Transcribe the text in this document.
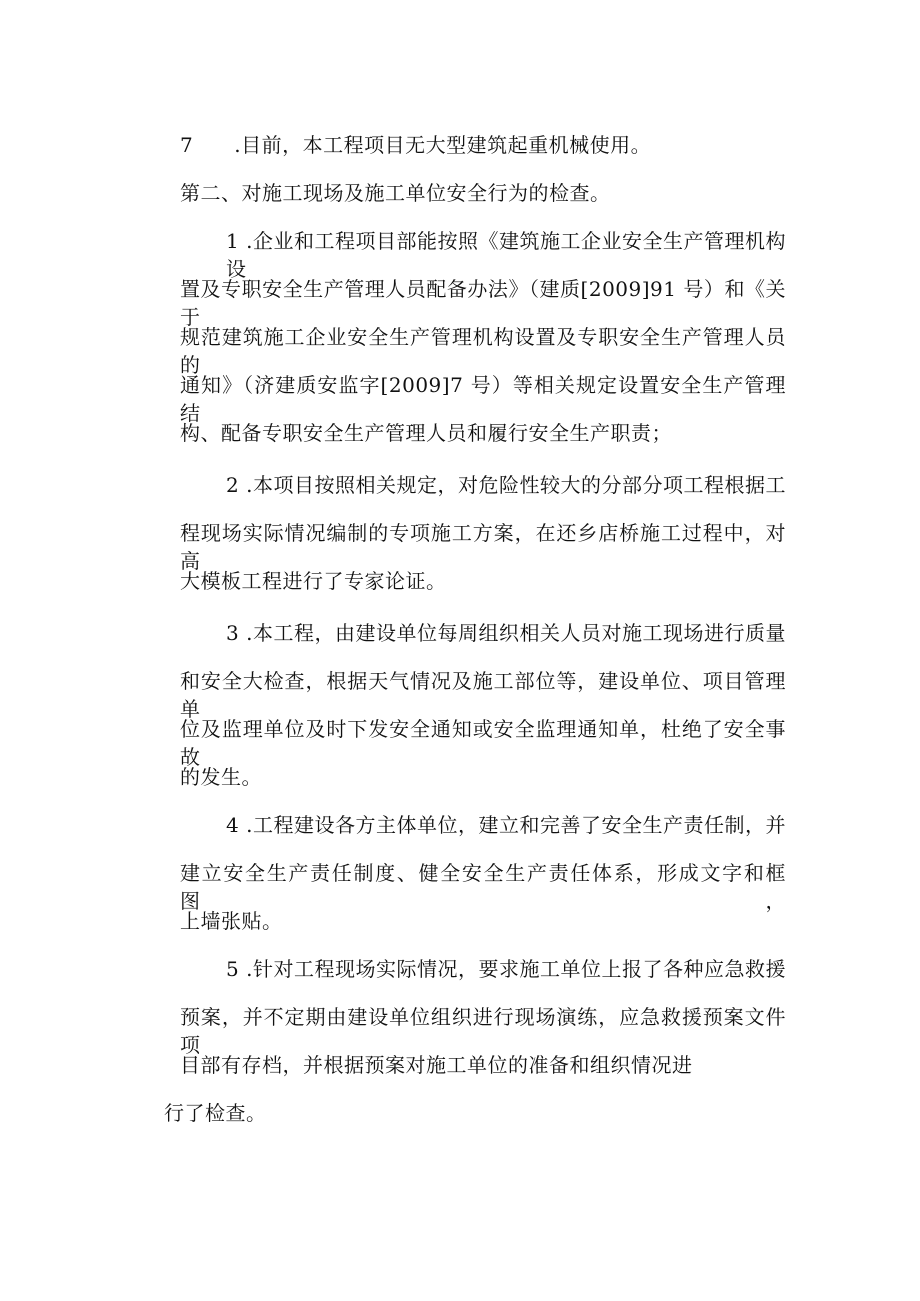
7  .目前，本工程项目无大型建筑起重机械使用。
第二、对施工现场及施工单位安全行为的检查。
1 .企业和工程项目部能按照《建筑施工企业安全生产管理机构设
置及专职安全生产管理人员配备办法》（建质[2009]91 号）和《关于
规范建筑施工企业安全生产管理机构设置及专职安全生产管理人员的
通知》（济建质安监字[2009]7 号）等相关规定设置安全生产管理结
构、配备专职安全生产管理人员和履行安全生产职责；
2 .本项目按照相关规定，对危险性较大的分部分项工程根据工
程现场实际情况编制的专项施工方案，在还乡店桥施工过程中，对高
大模板工程进行了专家论证。
3 .本工程，由建设单位每周组织相关人员对施工现场进行质量
和安全大检查，根据天气情况及施工部位等，建设单位、项目管理单
位及监理单位及时下发安全通知或安全监理通知单，杜绝了安全事故
的发生。
4 .工程建设各方主体单位，建立和完善了安全生产责任制，并
建立安全生产责任制度、健全安全生产责任体系，形成文字和框图，
上墙张贴。
5 .针对工程现场实际情况，要求施工单位上报了各种应急救援
预案，并不定期由建设单位组织进行现场演练，应急救援预案文件项
目部有存档，并根据预案对施工单位的准备和组织情况进
行了检查。
